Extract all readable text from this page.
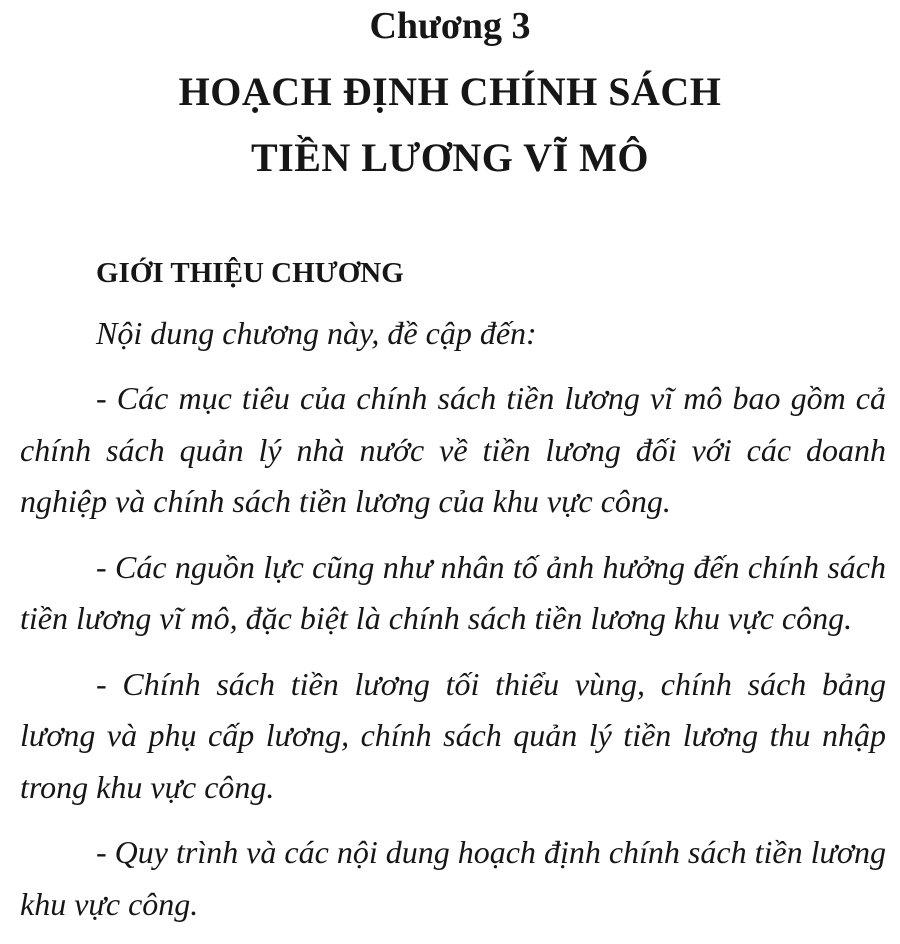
Chương 3
HOẠCH ĐỊNH CHÍNH SÁCH
TIỀN LƯƠNG VĨ MÔ
GIỚI THIỆU CHƯƠNG

Nội dung chương này, đề cập đến:

- Các mục tiêu của chính sách tiền lương vĩ mô bao gồm cả chính sách quản lý nhà nước về tiền lương đối với các doanh nghiệp và chính sách tiền lương của khu vực công.

- Các nguồn lực cũng như nhân tố ảnh hưởng đến chính sách tiền lương vĩ mô, đặc biệt là chính sách tiền lương khu vực công.

- Chính sách tiền lương tối thiểu vùng, chính sách bảng lương và phụ cấp lương, chính sách quản lý tiền lương thu nhập trong khu vực công.

- Quy trình và các nội dung hoạch định chính sách tiền lương khu vực công.
